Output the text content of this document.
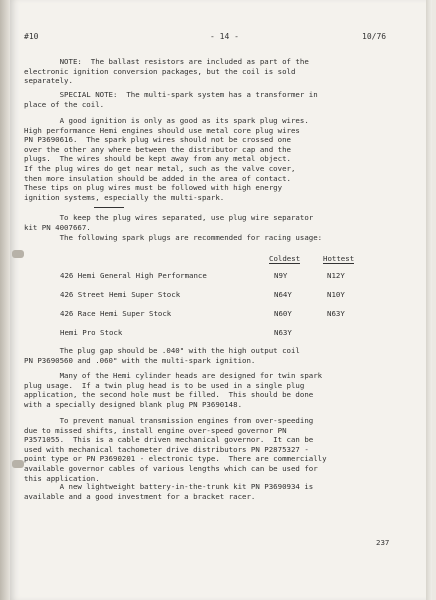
#10	- 14 -	10/76
NOTE:  The ballast resistors are included as part of the
electronic ignition conversion packages, but the coil is sold
separately.
SPECIAL NOTE:  The multi-spark system has a transformer in
place of the coil.
A good ignition is only as good as its spark plug wires.
High performance Hemi engines should use metal core plug wires
PN P3690616.  The spark plug wires should not be crossed one
over the other any where between the distributor cap and the
plugs.  The wires should be kept away from any metal object.
If the plug wires do get near metal, such as the valve cover,
then more insulation should be added in the area of contact.
These tips on plug wires must be followed with high energy
ignition systems, especially the multi-spark.
To keep the plug wires separated, use plug wire separator
kit PN 4007667.
The following spark plugs are recommended for racing usage:
Coldest	Hottest
426 Hemi General High Performance	N9Y	N12Y
426 Street Hemi Super Stock	N64Y	N10Y
426 Race Hemi Super Stock	N60Y	N63Y
Hemi Pro Stock	N63Y
The plug gap should be .040" with the high output coil
PN P3690560 and .060" with the multi-spark ignition.
Many of the Hemi cylinder heads are designed for twin spark
plug usage.  If a twin plug head is to be used in a single plug
application, the second hole must be filled.  This should be done
with a specially designed blank plug PN P3690148.
To prevent manual transmission engines from over-speeding
due to missed shifts, install engine over-speed governor PN
P3571055.  This is a cable driven mechanical governor.  It can be
used with mechanical tachometer drive distributors PN P2875327 -
point type or PN P3690201 - electronic type.  There are commercially
available governor cables of various lengths which can be used for
this application.
A new lightweight battery-in-the-trunk kit PN P3690934 is
available and a good investment for a bracket racer.
237
